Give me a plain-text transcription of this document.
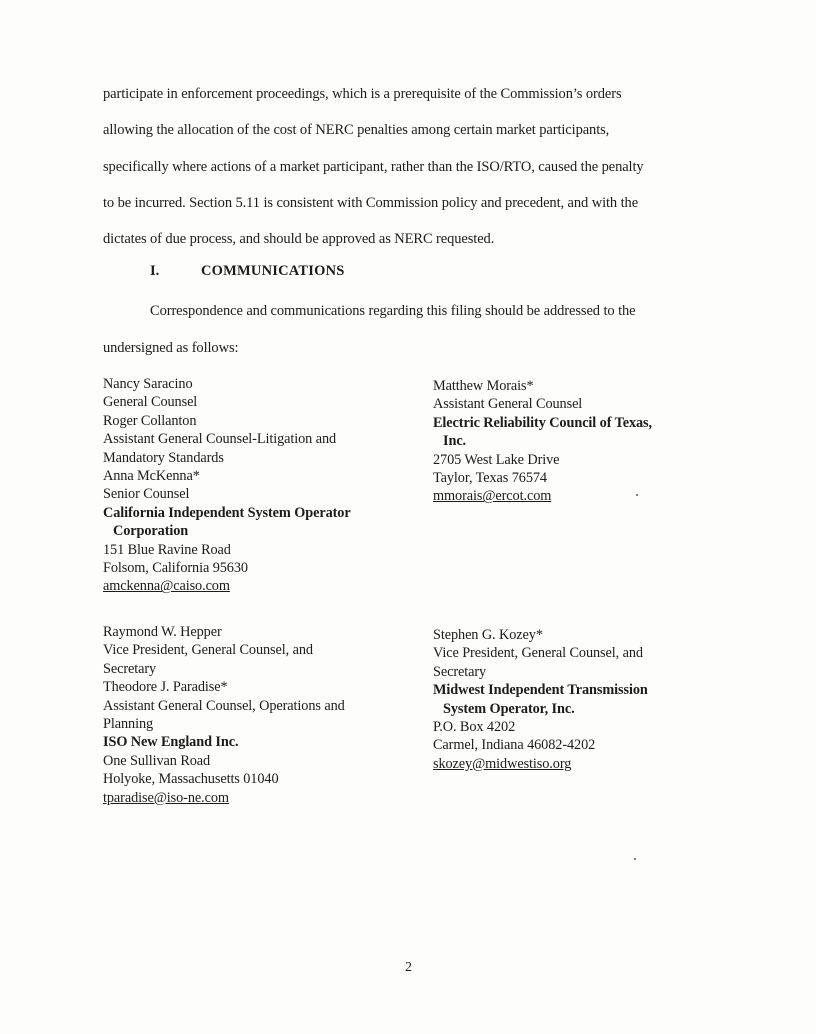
participate in enforcement proceedings, which is a prerequisite of the Commission’s orders
allowing the allocation of the cost of NERC penalties among certain market participants,
specifically where actions of a market participant, rather than the ISO/RTO, caused the penalty
to be incurred. Section 5.11 is consistent with Commission policy and precedent, and with the
dictates of due process, and should be approved as NERC requested.
I.	COMMUNICATIONS
Correspondence and communications regarding this filing should be addressed to the
undersigned as follows:
Nancy Saracino
General Counsel
Roger Collanton
Assistant General Counsel-Litigation and
Mandatory Standards
Anna McKenna*
Senior Counsel
California Independent System Operator
Corporation
151 Blue Ravine Road
Folsom, California 95630
amckenna@caiso.com
Matthew Morais*
Assistant General Counsel
Electric Reliability Council of Texas,
Inc.
2705 West Lake Drive
Taylor, Texas 76574
mmorais@ercot.com
Raymond W. Hepper
Vice President, General Counsel, and
Secretary
Theodore J. Paradise*
Assistant General Counsel, Operations and
Planning
ISO New England Inc.
One Sullivan Road
Holyoke, Massachusetts 01040
tparadise@iso-ne.com
Stephen G. Kozey*
Vice President, General Counsel, and
Secretary
Midwest Independent Transmission
System Operator, Inc.
P.O. Box 4202
Carmel, Indiana 46082-4202
skozey@midwestiso.org
2
